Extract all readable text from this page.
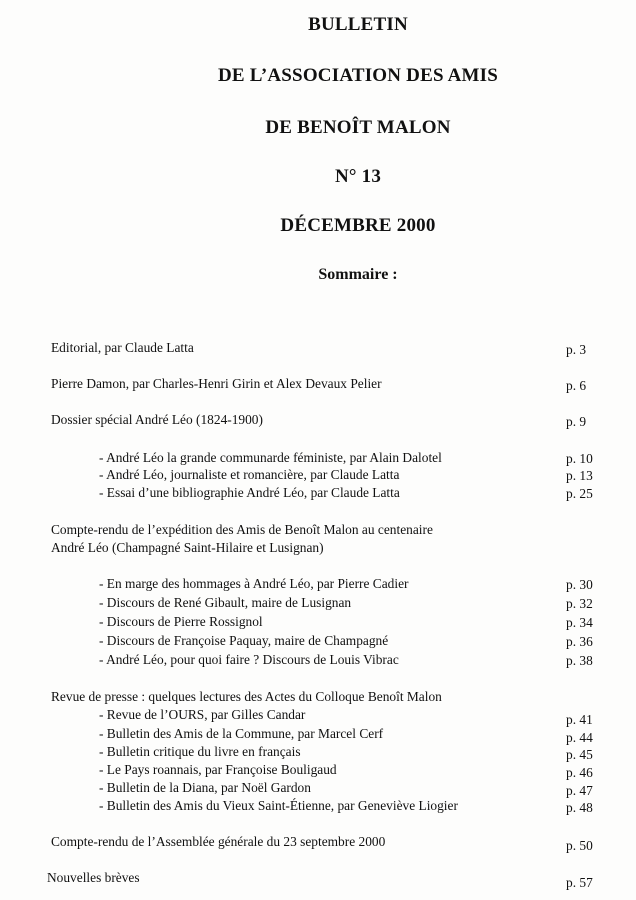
BULLETIN
DE L’ASSOCIATION DES AMIS
DE BENOÎT MALON
N° 13
DÉCEMBRE 2000
Sommaire :
Editorial, par Claude Latta	p. 3
Pierre Damon, par Charles-Henri Girin et Alex Devaux Pelier	p. 6
Dossier spécial André Léo (1824-1900)	p. 9
- André Léo la grande communarde féministe, par Alain Dalotel	p. 10
- André Léo, journaliste et romancière, par Claude Latta	p. 13
- Essai d’une bibliographie André Léo, par Claude Latta	p. 25
Compte-rendu de l’expédition des Amis de Benoît Malon au centenaire
André Léo (Champagné Saint-Hilaire et Lusignan)
- En marge des hommages à André Léo, par Pierre Cadier	p. 30
- Discours de René Gibault, maire de Lusignan	p. 32
- Discours de Pierre Rossignol	p. 34
- Discours de Françoise Paquay, maire de Champagné	p. 36
- André Léo, pour quoi faire ? Discours de Louis Vibrac	p. 38
Revue de presse : quelques lectures des Actes du Colloque Benoît Malon
- Revue de l’OURS, par Gilles Candar	p. 41
- Bulletin des Amis de la Commune, par Marcel Cerf	p. 44
- Bulletin critique du livre en français	p. 45
- Le Pays roannais, par Françoise Bouligaud	p. 46
- Bulletin de la Diana, par Noël Gardon	p. 47
- Bulletin des Amis du Vieux Saint-Étienne, par Geneviève Liogier	p. 48
Compte-rendu de l’Assemblée générale du 23 septembre 2000	p. 50
Nouvelles brèves	p. 57
